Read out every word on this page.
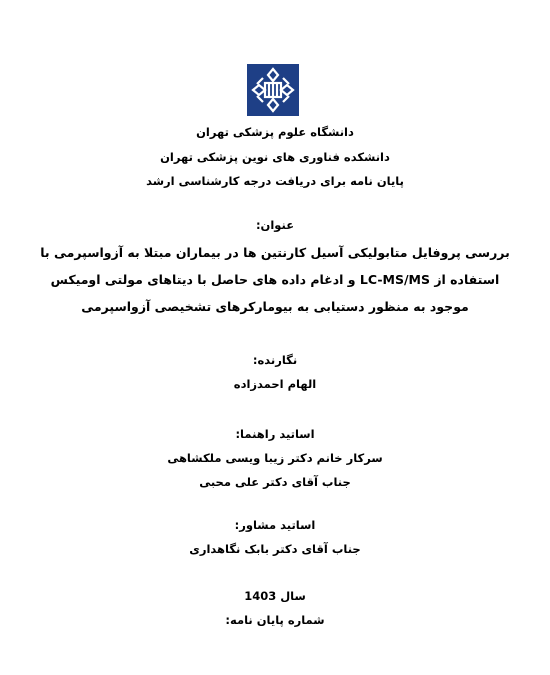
دانشگاه علوم پزشکی تهران
دانشکده فناوری های نوین پزشکی تهران
پایان نامه برای دریافت درجه کارشناسی ارشد
عنوان:
بررسی پروفایل متابولیکی آسیل کارنتین ها در بیماران مبتلا به آزواسپرمی با
استفاده از LC-MS/MS و ادغام داده های حاصل با دیتاهای مولتی اومیکس
موجود به منظور دستیابی به بیومارکرهای تشخیصی آزواسپرمی
نگارنده:
الهام احمدزاده
اساتید راهنما:
سرکار خانم دکتر زیبا ویسی ملکشاهی
جناب آقای دکتر علی محبی
اساتید مشاور:
جناب آقای دکتر بابک نگاهداری
سال 1403
شماره پایان نامه:
